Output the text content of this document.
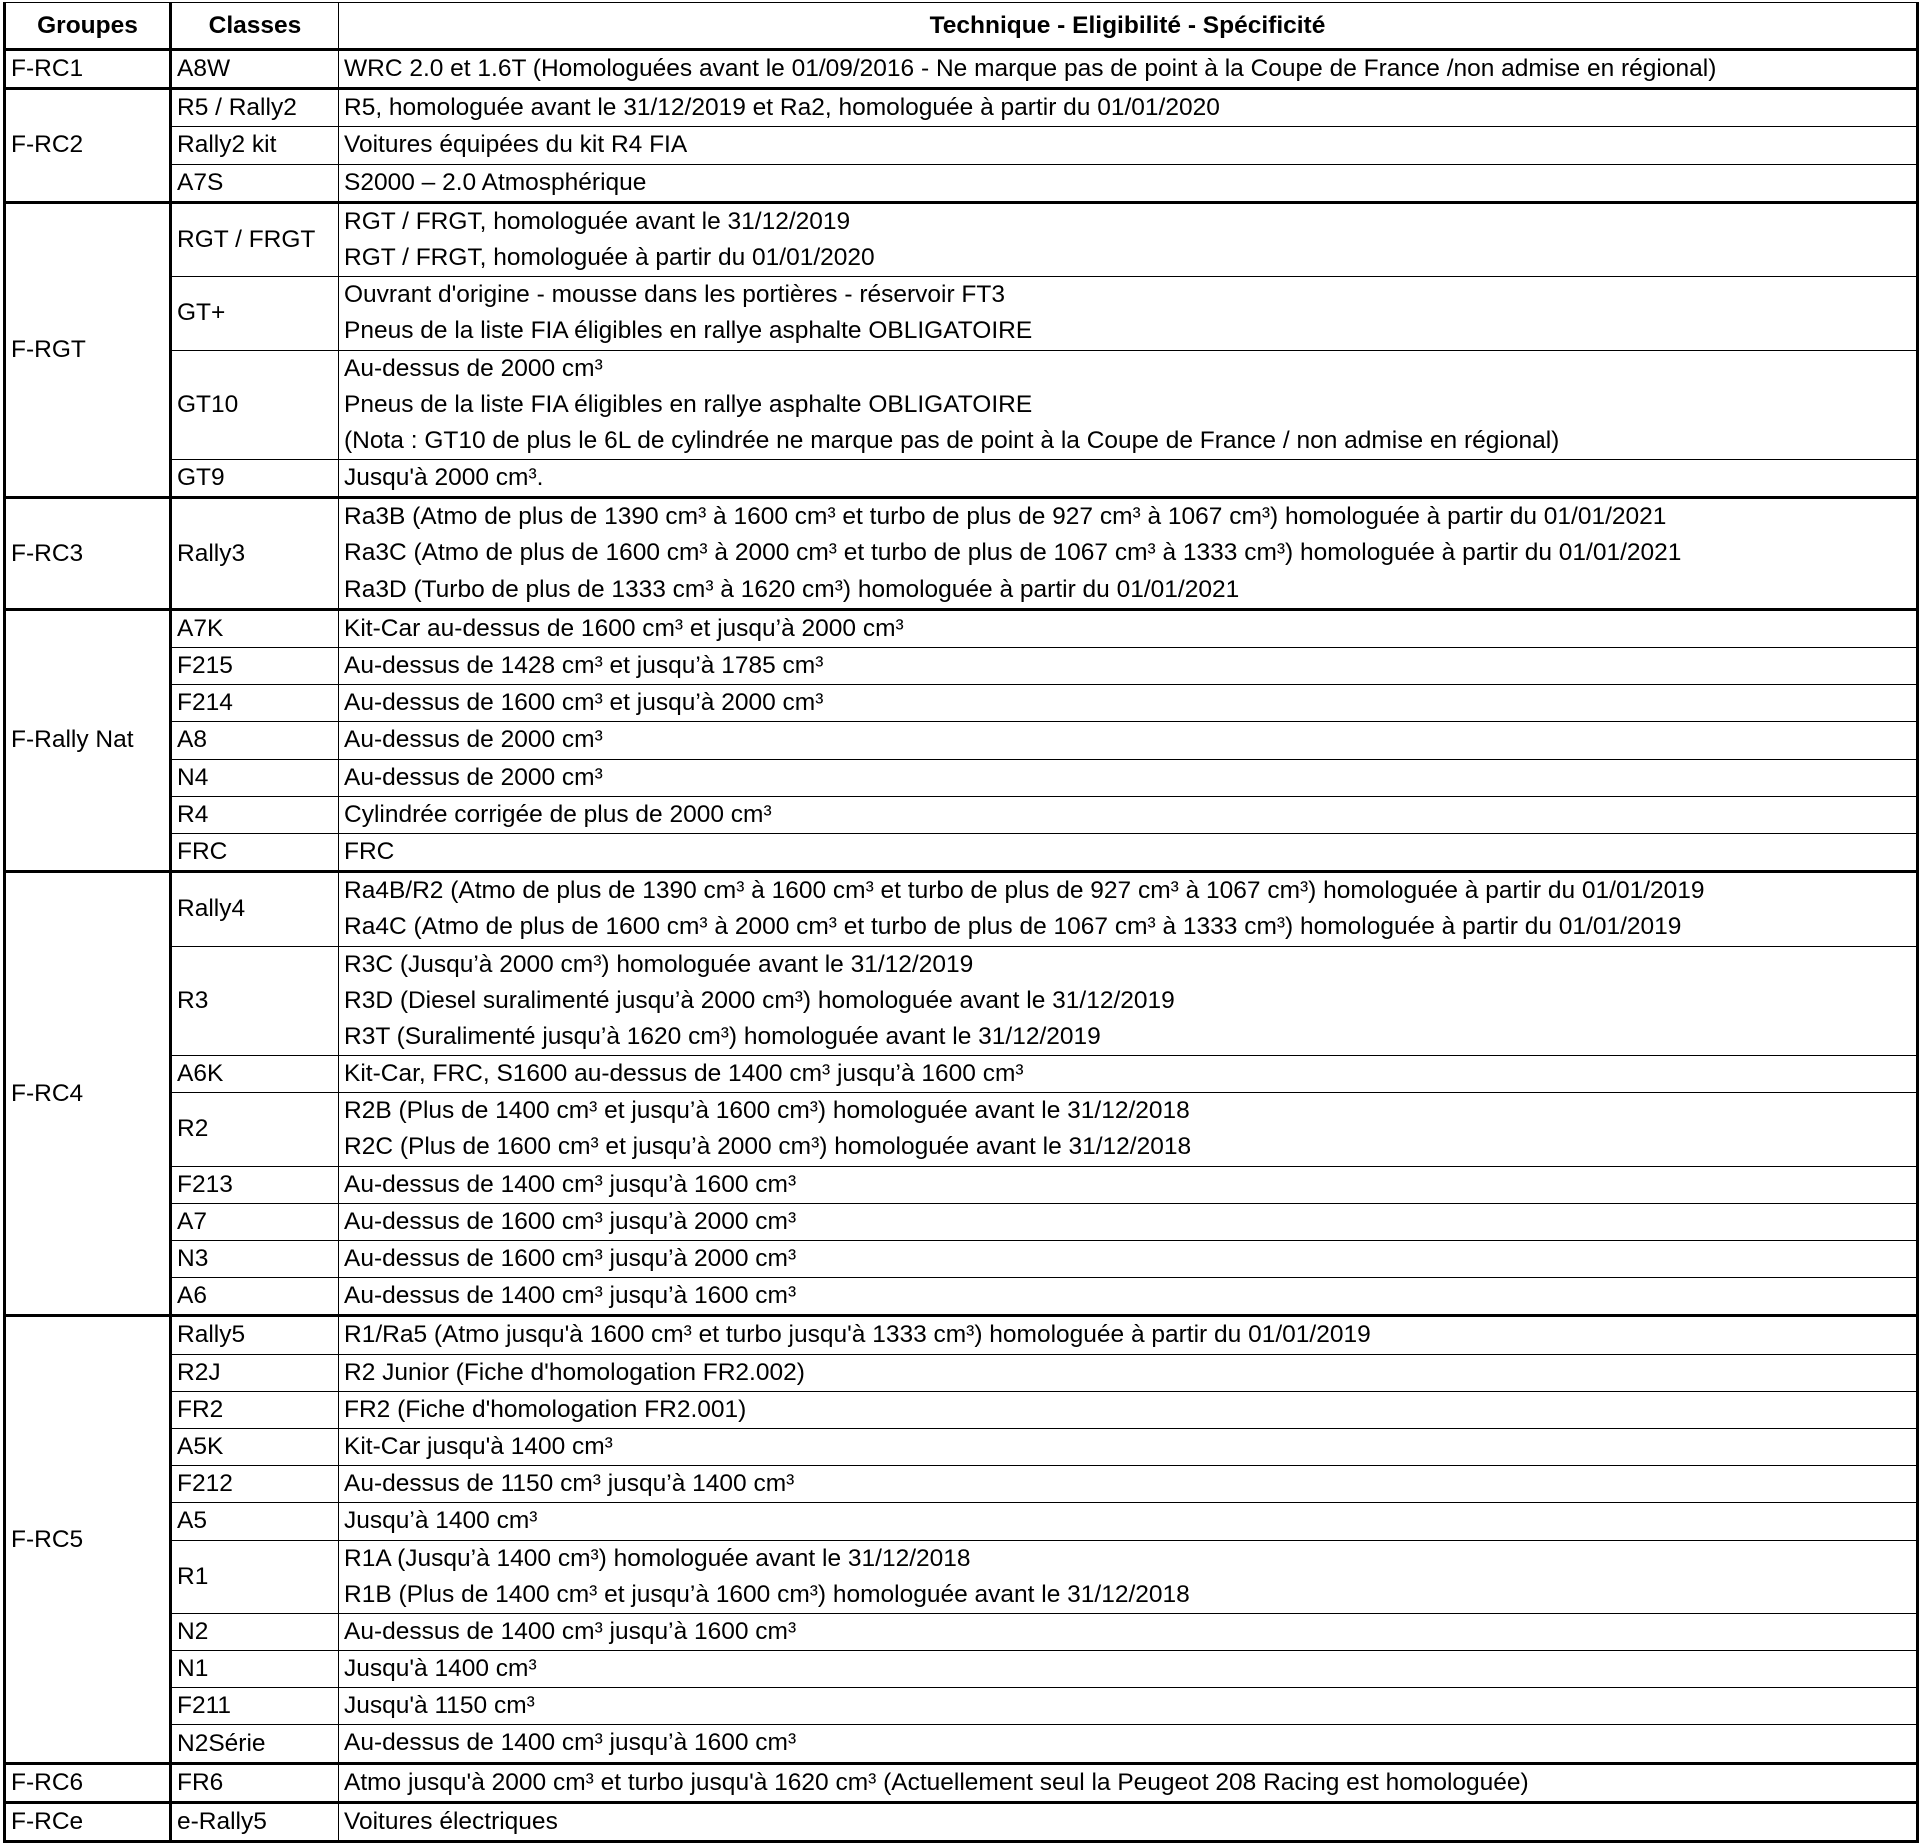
Groupes	Classes	Technique - Eligibilité - Spécificité
F-RC1	A8W	WRC 2.0 et 1.6T (Homologuées avant le 01/09/2016 - Ne marque pas de point à la Coupe de France /non admise en régional)

F-RC2	R5 / Rally2	R5, homologuée avant le 31/12/2019 et Ra2, homologuée à partir du 01/01/2020

	Rally2 kit	Voitures équipées du kit R4 FIA

	A7S	S2000 – 2.0 Atmosphérique

F-RGT	RGT / FRGT	RGT / FRGT, homologuée avant le 31/12/2019
RGT / FRGT, homologuée à partir du 01/01/2020

	GT+	Ouvrant d'origine - mousse dans les portières - réservoir FT3
Pneus de la liste FIA éligibles en rallye asphalte OBLIGATOIRE

	GT10	Au-dessus de 2000 cm³
Pneus de la liste FIA éligibles en rallye asphalte OBLIGATOIRE
(Nota : GT10 de plus le 6L de cylindrée ne marque pas de point à la Coupe de France / non admise en régional)

	GT9	Jusqu'à 2000 cm³.

F-RC3	Rally3	Ra3B (Atmo de plus de 1390 cm³ à 1600 cm³ et turbo de plus de 927 cm³ à 1067 cm³) homologuée à partir du 01/01/2021
Ra3C (Atmo de plus de 1600 cm³ à 2000 cm³ et turbo de plus de 1067 cm³ à 1333 cm³) homologuée à partir du 01/01/2021
Ra3D (Turbo de plus de 1333 cm³ à 1620 cm³) homologuée à partir du 01/01/2021

F-Rally Nat	A7K	Kit-Car au-dessus de 1600 cm³ et jusqu’à 2000 cm³

	F215	Au-dessus de 1428 cm³ et jusqu’à 1785 cm³

	F214	Au-dessus de 1600 cm³ et jusqu’à 2000 cm³

	A8	Au-dessus de 2000 cm³

	N4	Au-dessus de 2000 cm³

	R4	Cylindrée corrigée de plus de 2000 cm³

	FRC	FRC

F-RC4	Rally4	Ra4B/R2 (Atmo de plus de 1390 cm³ à 1600 cm³ et turbo de plus de 927 cm³ à 1067 cm³) homologuée à partir du 01/01/2019
Ra4C (Atmo de plus de 1600 cm³ à 2000 cm³ et turbo de plus de 1067 cm³ à 1333 cm³) homologuée à partir du 01/01/2019

	R3	R3C (Jusqu’à 2000 cm³) homologuée avant le 31/12/2019
R3D (Diesel suralimenté jusqu’à 2000 cm³) homologuée avant le 31/12/2019
R3T (Suralimenté jusqu’à 1620 cm³) homologuée avant le 31/12/2019

	A6K	Kit-Car, FRC, S1600 au-dessus de 1400 cm³ jusqu’à 1600 cm³

	R2	R2B (Plus de 1400 cm³ et jusqu’à 1600 cm³) homologuée avant le 31/12/2018
R2C (Plus de 1600 cm³ et jusqu’à 2000 cm³) homologuée avant le 31/12/2018

	F213	Au-dessus de 1400 cm³ jusqu’à 1600 cm³

	A7	Au-dessus de 1600 cm³ jusqu’à 2000 cm³

	N3	Au-dessus de 1600 cm³ jusqu’à 2000 cm³

	A6	Au-dessus de 1400 cm³ jusqu’à 1600 cm³

F-RC5	Rally5	R1/Ra5 (Atmo jusqu'à 1600 cm³ et turbo jusqu'à 1333 cm³) homologuée à partir du 01/01/2019

	R2J	R2 Junior (Fiche d'homologation FR2.002)

	FR2	FR2 (Fiche d'homologation FR2.001)

	A5K	Kit-Car jusqu'à 1400 cm³

	F212	Au-dessus de 1150 cm³ jusqu’à 1400 cm³

	A5	Jusqu’à 1400 cm³

	R1	R1A (Jusqu’à 1400 cm³) homologuée avant le 31/12/2018
R1B (Plus de 1400 cm³ et jusqu’à 1600 cm³) homologuée avant le 31/12/2018

	N2	Au-dessus de 1400 cm³ jusqu’à 1600 cm³

	N1	Jusqu'à 1400 cm³

	F211	Jusqu'à 1150 cm³

	N2Série	Au-dessus de 1400 cm³ jusqu’à 1600 cm³

F-RC6	FR6	Atmo jusqu'à 2000 cm³ et turbo jusqu'à 1620 cm³ (Actuellement seul la Peugeot 208 Racing est homologuée)

F-RCe	e-Rally5	Voitures électriques
